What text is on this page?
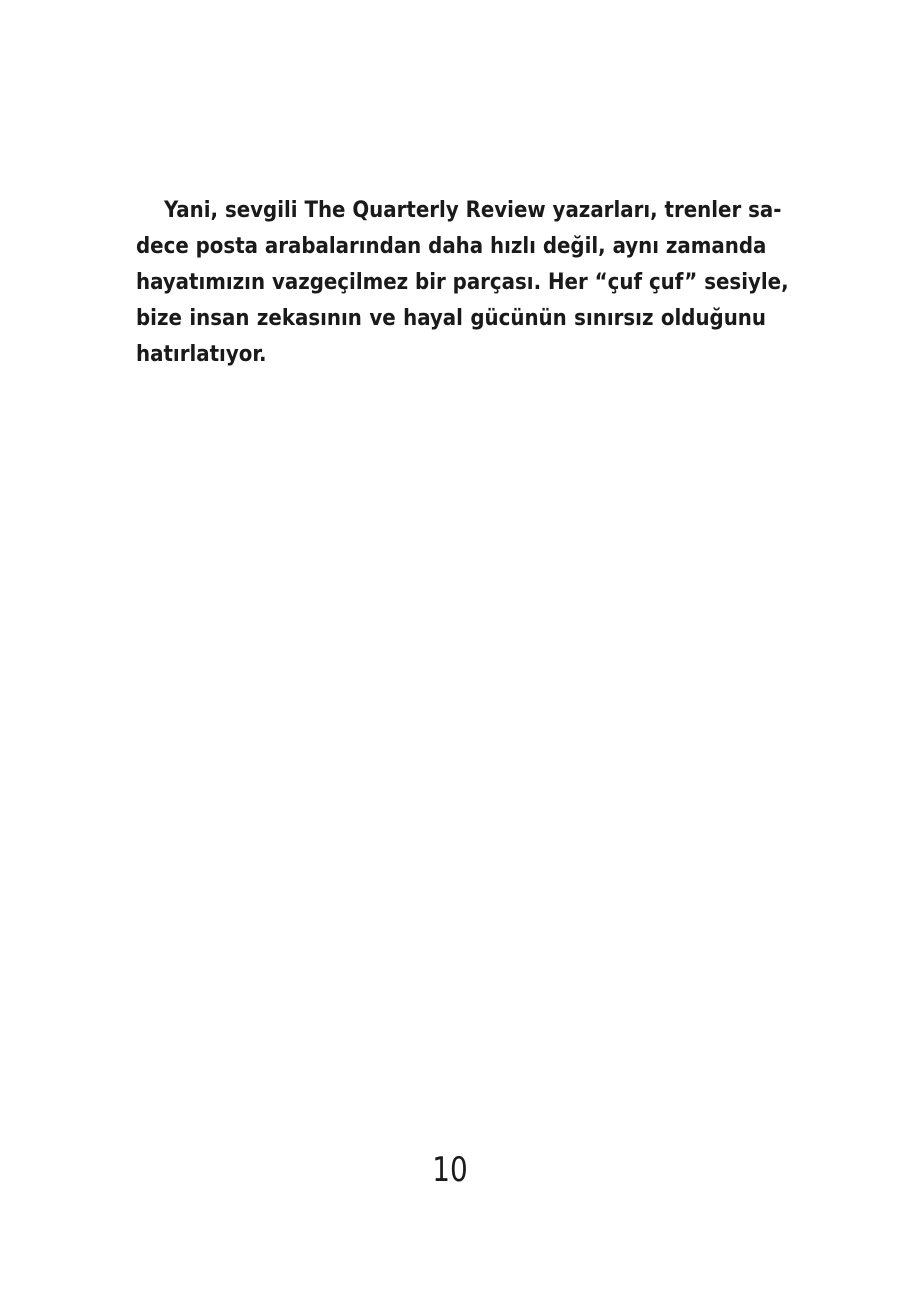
Yani, sevgili The Quarterly Review yazarları, trenler sa-
dece posta arabalarından daha hızlı değil, aynı zamanda
hayatımızın vazgeçilmez bir parçası. Her “çuf çuf” sesiyle,
bize insan zekasının ve hayal gücünün sınırsız olduğunu
hatırlatıyor.
10
